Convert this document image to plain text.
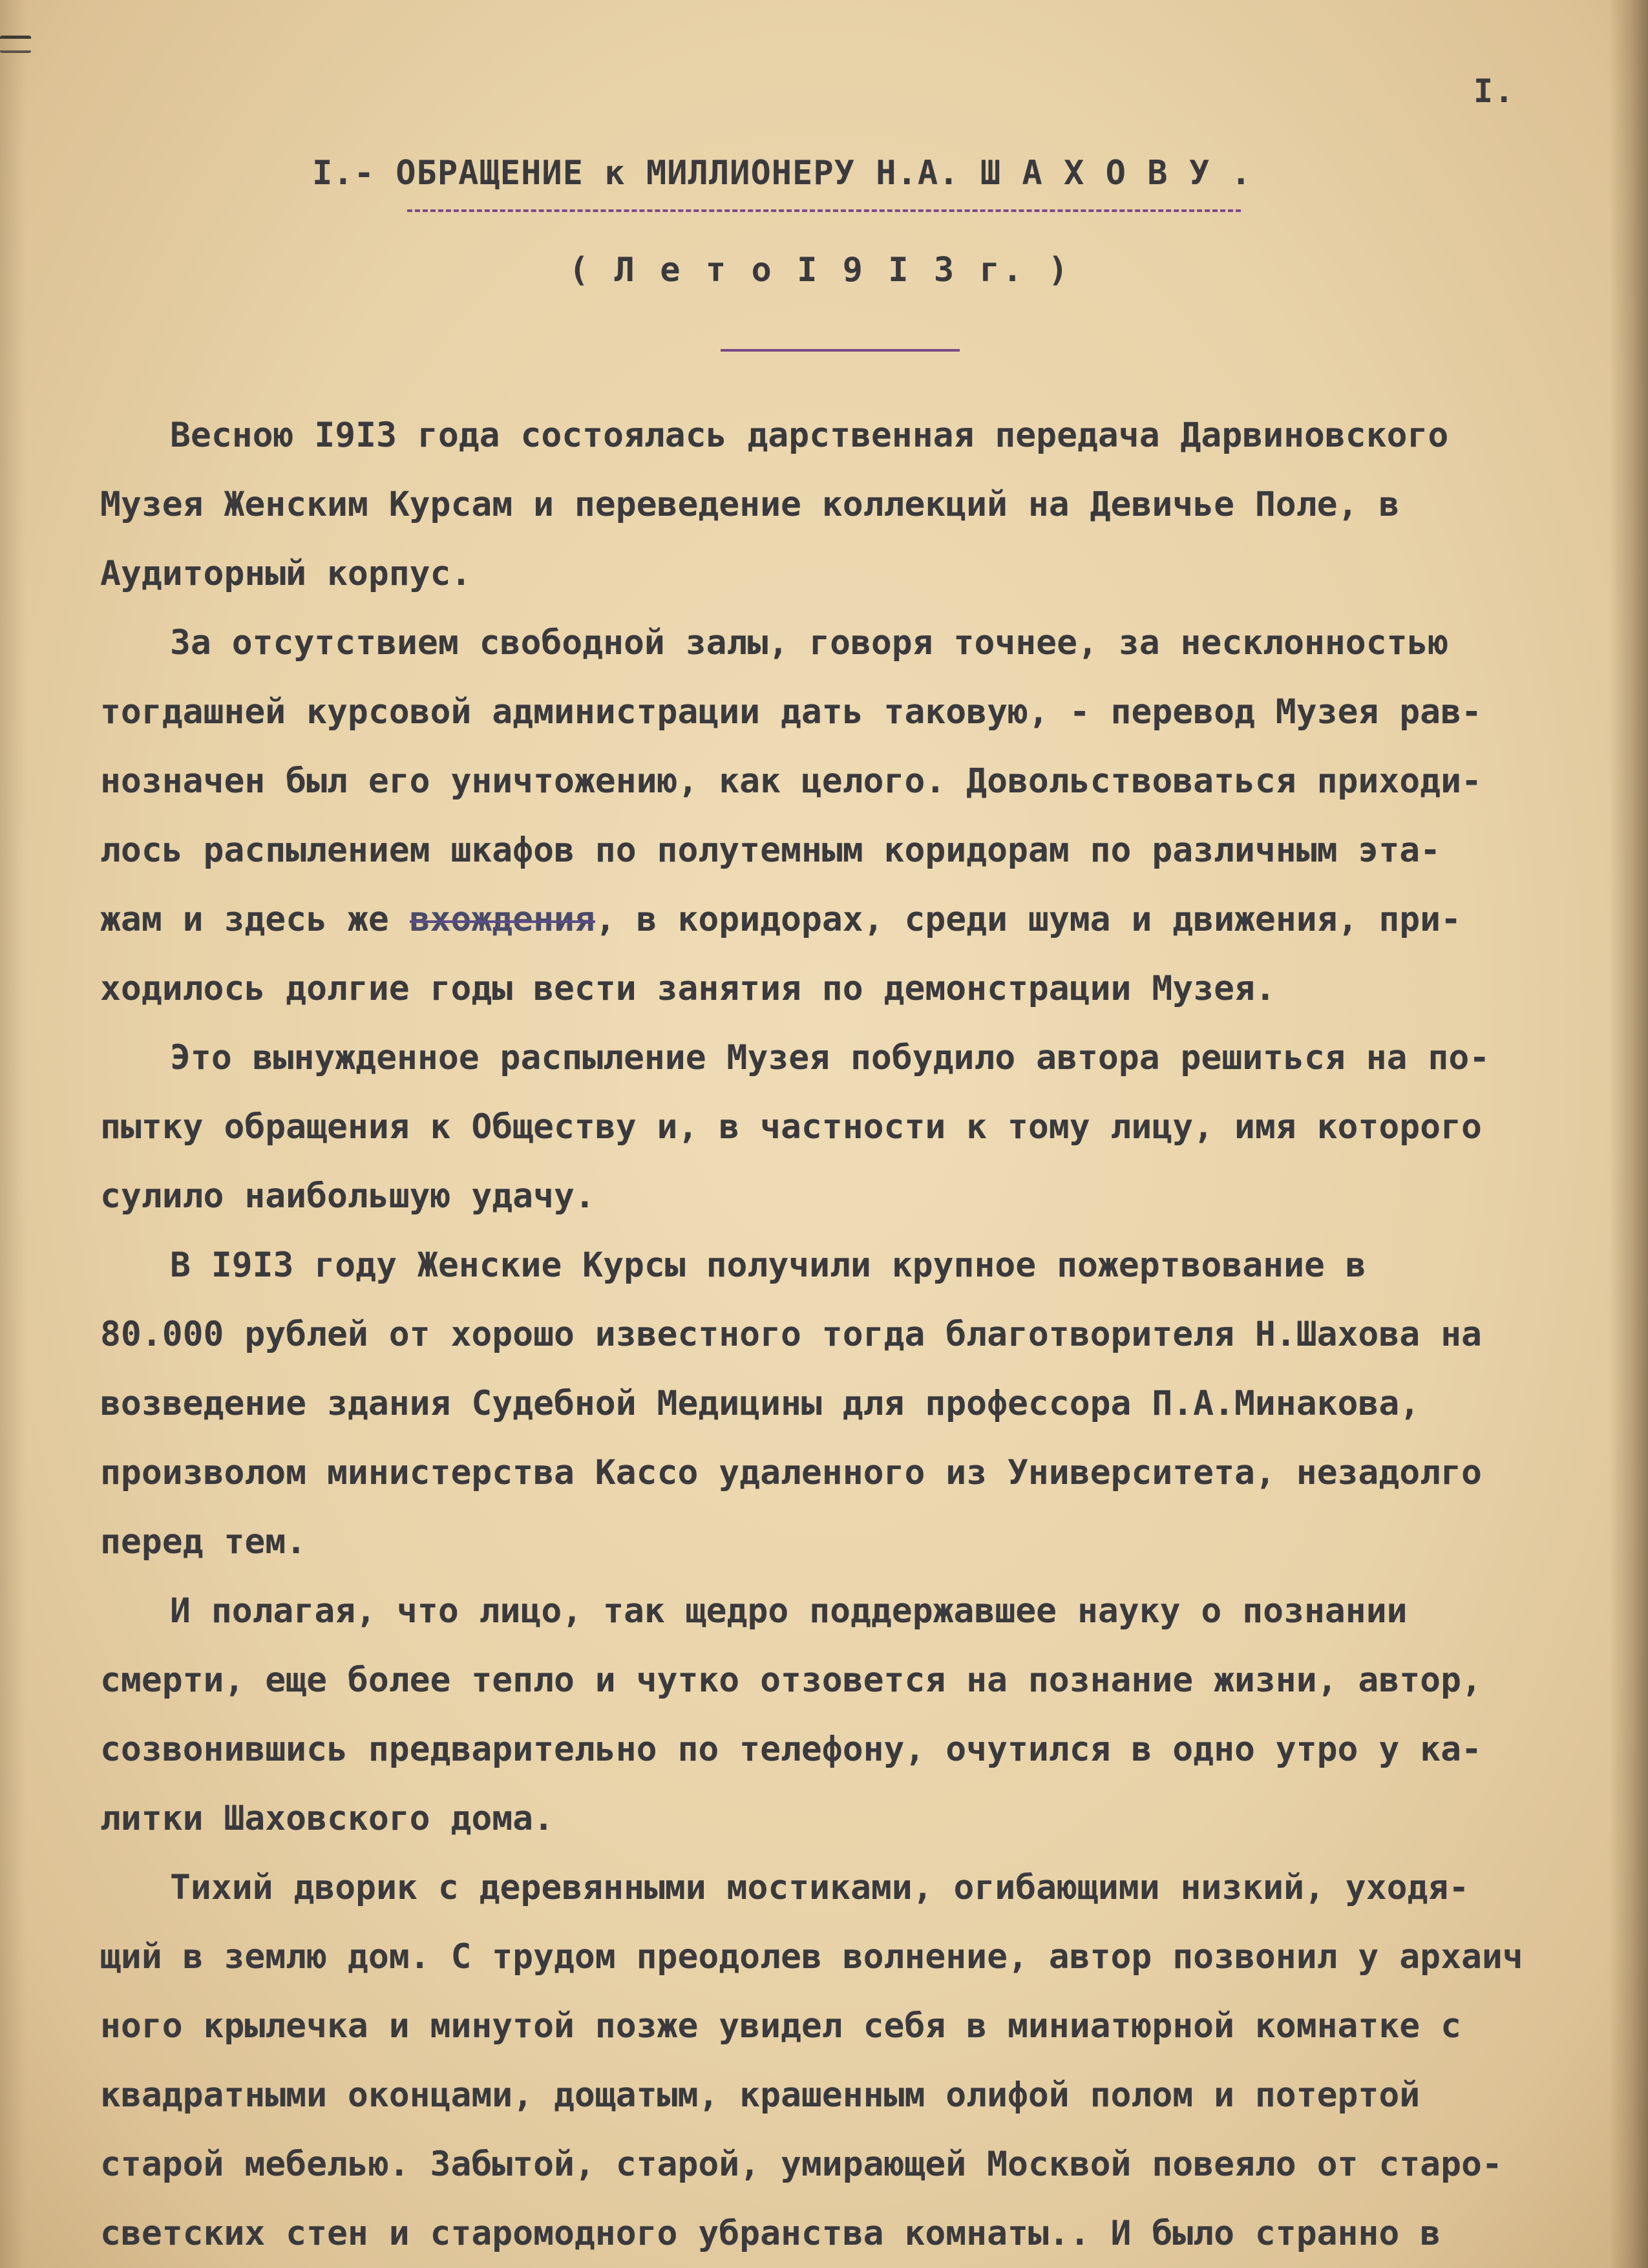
I.
I.- ОБРАЩЕНИЕ к МИЛЛИОНЕРУ Н.А. Ш А Х О В У .
( Л е т о I 9 I 3 г. )
Весною I9I3 года состоялась дарственная передача Дарвиновского
Музея Женским Курсам и переведение коллекций на Девичье Поле, в
Аудиторный корпус.
За отсутствием свободной залы, говоря точнее, за несклонностью
тогдашней курсовой администрации дать таковую, - перевод Музея рав-
нозначен был его уничтожению, как целого. Довольствоваться приходи-
лось распылением шкафов по полутемным коридорам по различным эта-
жам и здесь же вхождения, в коридорах, среди шума и движения, при-
ходилось долгие годы вести занятия по демонстрации Музея.
Это вынужденное распыление Музея побудило автора решиться на по-
пытку обращения к Обществу и, в частности к тому лицу, имя которого
сулило наибольшую удачу.
В I9I3 году Женские Курсы получили крупное пожертвование в
80.000 рублей от хорошо известного тогда благотворителя Н.Шахова на
возведение здания Судебной Медицины для профессора П.А.Минакова,
произволом министерства Кассо удаленного из Университета, незадолго
перед тем.
И полагая, что лицо, так щедро поддержавшее науку о познании
смерти, еще более тепло и чутко отзовется на познание жизни, автор,
созвонившись предварительно по телефону, очутился в одно утро у ка-
литки Шаховского дома.
Тихий дворик с деревянными мостиками, огибающими низкий, уходя-
щий в землю дом. С трудом преодолев волнение, автор позвонил у архаич
ного крылечка и минутой позже увидел себя в миниатюрной комнатке с
квадратными оконцами, дощатым, крашенным олифой полом и потертой
старой мебелью. Забытой, старой, умирающей Москвой повеяло от старо-
светских стен и старомодного убранства комнаты.. И было странно в
